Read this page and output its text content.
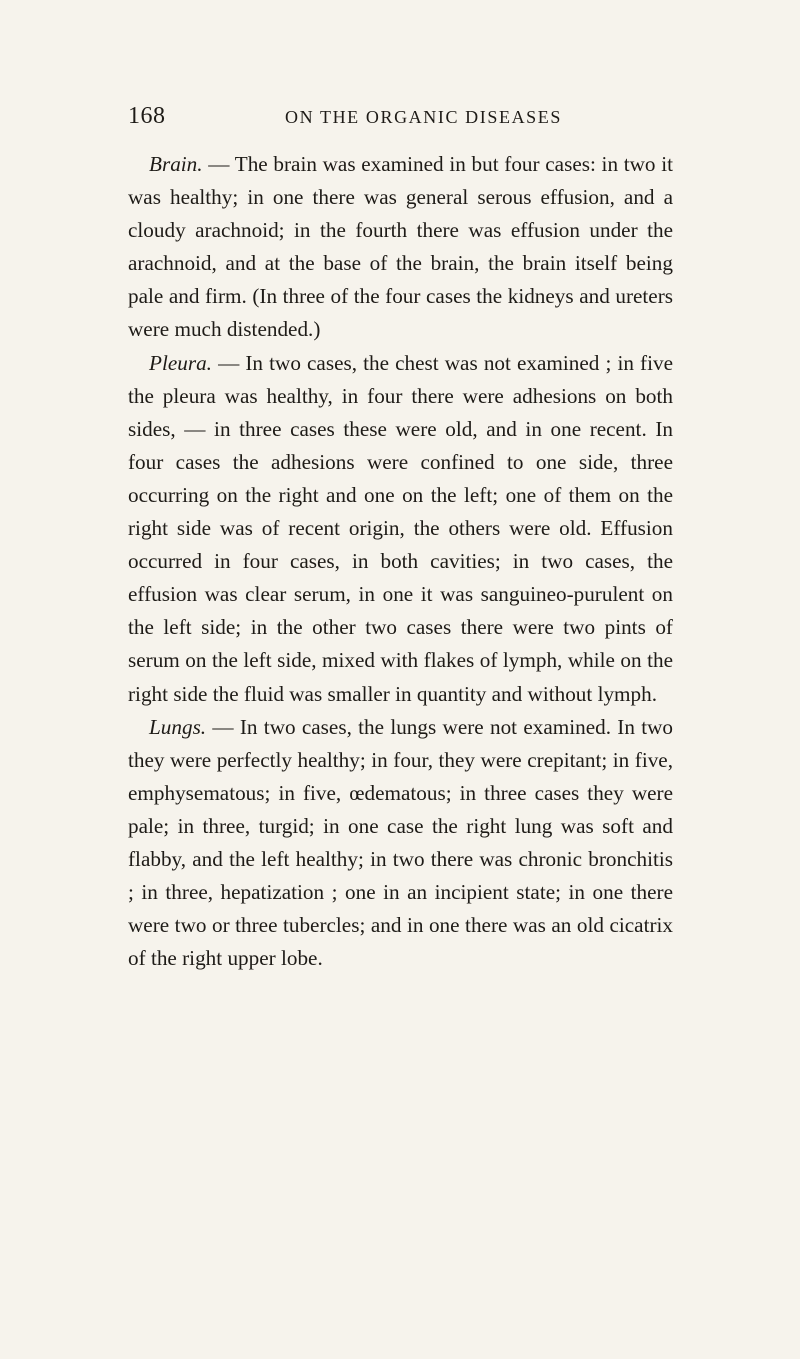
168	ON THE ORGANIC DISEASES

Brain. — The brain was examined in but four cases: in two it was healthy; in one there was general serous effusion, and a cloudy arachnoid; in the fourth there was effusion under the arachnoid, and at the base of the brain, the brain itself being pale and firm. (In three of the four cases the kidneys and ureters were much distended.)

Pleura. — In two cases, the chest was not examined ; in five the pleura was healthy, in four there were adhesions on both sides, — in three cases these were old, and in one recent. In four cases the adhesions were confined to one side, three occurring on the right and one on the left; one of them on the right side was of recent origin, the others were old. Effusion occurred in four cases, in both cavities; in two cases, the effusion was clear serum, in one it was sanguineo-purulent on the left side; in the other two cases there were two pints of serum on the left side, mixed with flakes of lymph, while on the right side the fluid was smaller in quantity and without lymph.

Lungs. — In two cases, the lungs were not examined. In two they were perfectly healthy; in four, they were crepitant; in five, emphysematous; in five, œdematous; in three cases they were pale; in three, turgid; in one case the right lung was soft and flabby, and the left healthy; in two there was chronic bronchitis ; in three, hepatization ; one in an incipient state; in one there were two or three tubercles; and in one there was an old cicatrix of the right upper lobe.
